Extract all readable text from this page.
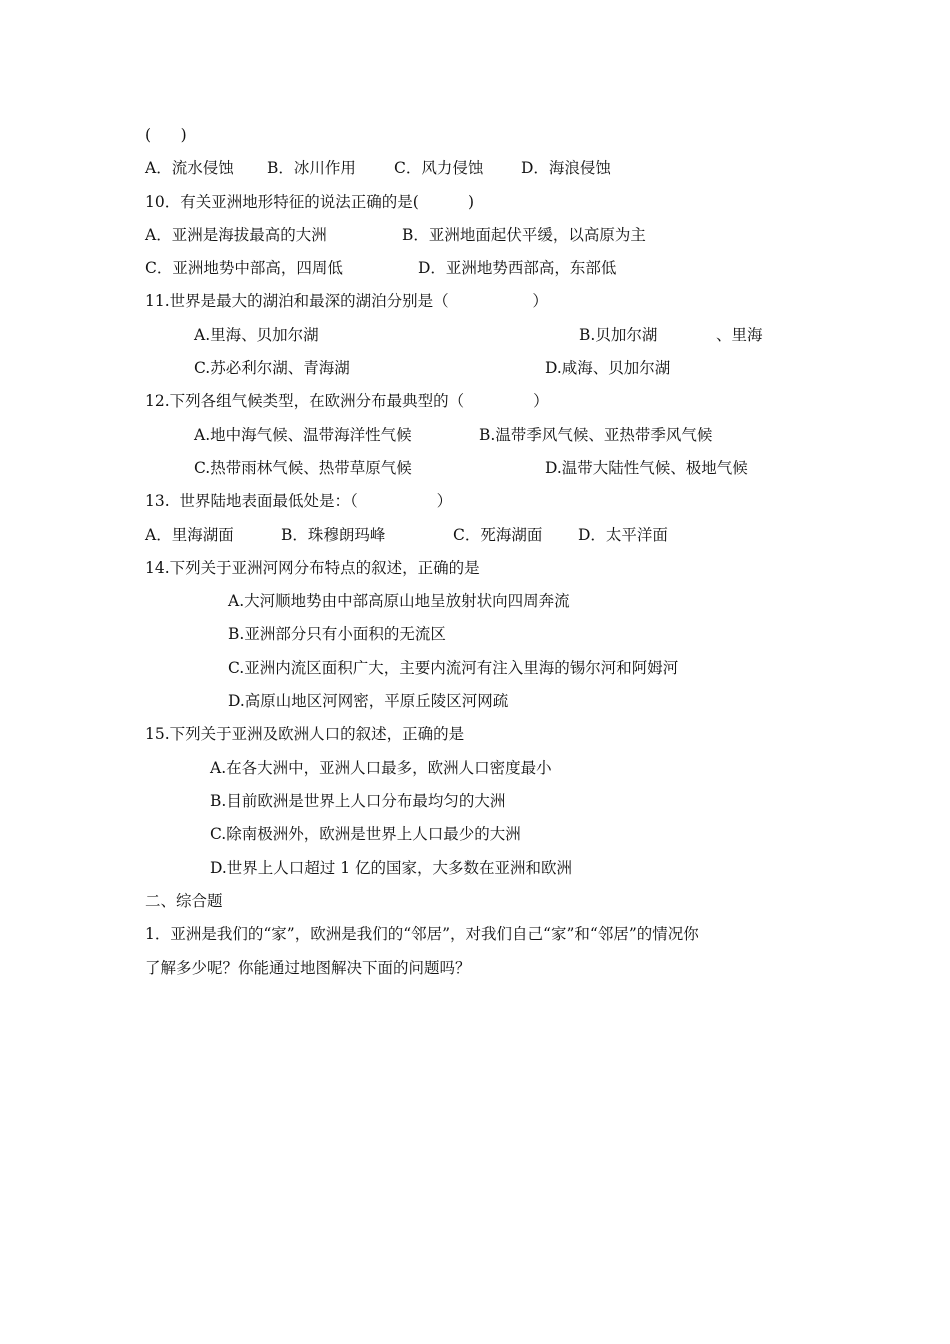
(      )
A．流水侵蚀 B．冰川作用 C．风力侵蚀 D．海浪侵蚀
10．有关亚洲地形特征的说法正确的是(          )
A．亚洲是海拔最高的大洲	B．亚洲地面起伏平缓，以高原为主
C．亚洲地势中部高，四周低	D．亚洲地势西部高，东部低
11.世界是最大的湖泊和最深的湖泊分别是（                 ）
A.里海、贝加尔湖	B.贝加尔湖	、里海
C.苏必利尔湖、青海湖	D.咸海、贝加尔湖
12.下列各组气候类型，在欧洲分布最典型的（              ）
A.地中海气候、温带海洋性气候	B.温带季风气候、亚热带季风气候
C.热带雨林气候、热带草原气候	D.温带大陆性气候、极地气候
13.  世界陆地表面最低处是：（                ）
A．里海湖面	B．珠穆朗玛峰	C．死海湖面 D．太平洋面
14.下列关于亚洲河网分布特点的叙述，正确的是
A.大河顺地势由中部高原山地呈放射状向四周奔流
B.亚洲部分只有小面积的无流区
C.亚洲内流区面积广大，主要内流河有注入里海的锡尔河和阿姆河
D.高原山地区河网密，平原丘陵区河网疏
15.下列关于亚洲及欧洲人口的叙述，正确的是
A.在各大洲中，亚洲人口最多，欧洲人口密度最小
B.目前欧洲是世界上人口分布最均匀的大洲
C.除南极洲外，欧洲是世界上人口最少的大洲
D.世界上人口超过 1 亿的国家，大多数在亚洲和欧洲
二、综合题
1．亚洲是我们的“家”，欧洲是我们的“邻居”，对我们自己“家”和“邻居”的情况你
了解多少呢？你能通过地图解决下面的问题吗？
